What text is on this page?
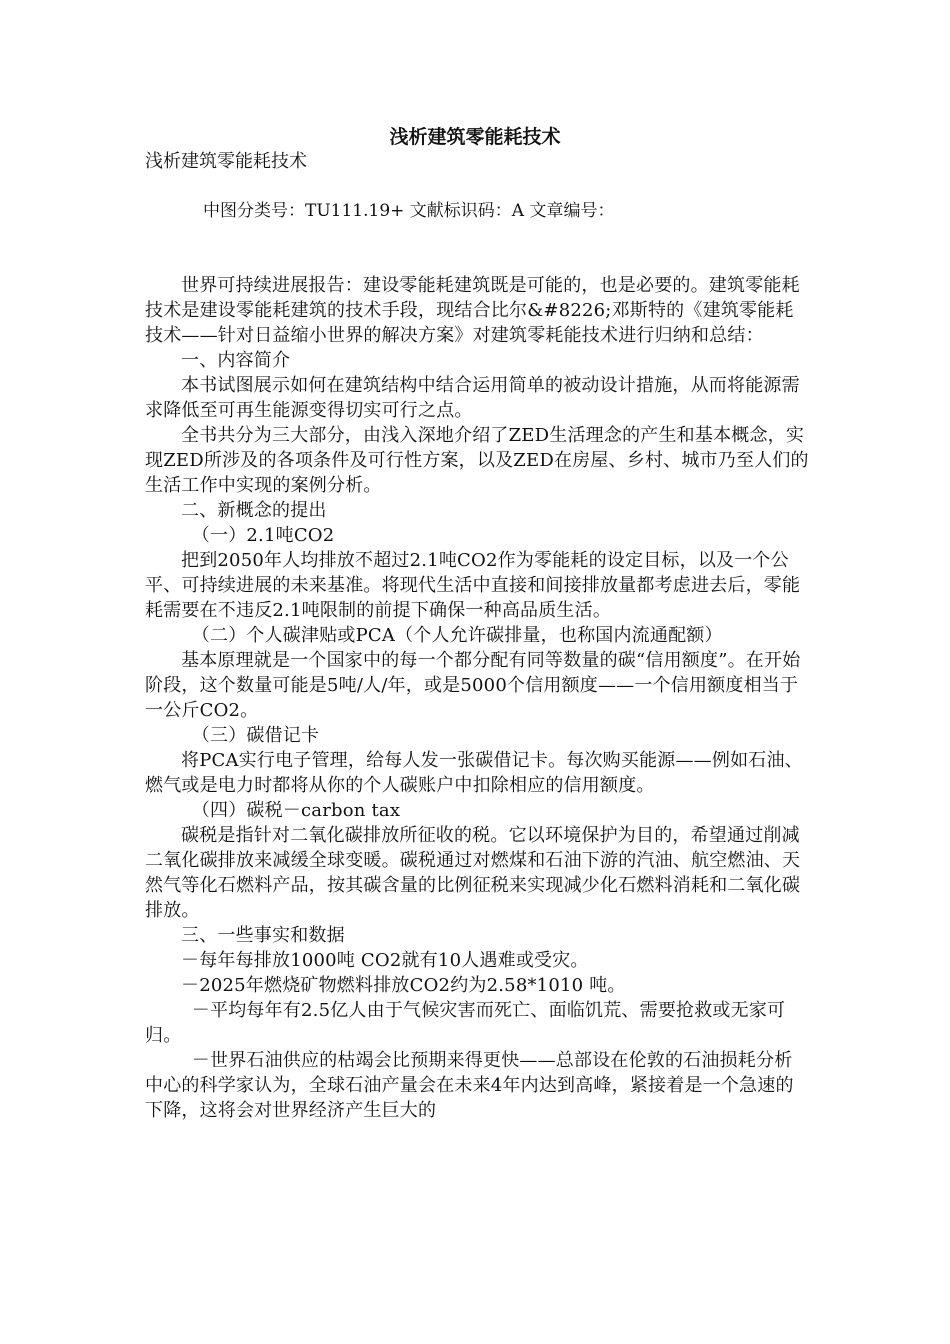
浅析建筑零能耗技术
浅析建筑零能耗技术
中图分类号：TU111.19+ 文献标识码：A 文章编号：

世界可持续进展报告：建设零能耗建筑既是可能的，也是必要的。建筑零能耗技术是建设零能耗建筑的技术手段，现结合比尔&#8226;邓斯特的《建筑零能耗技术——针对日益缩小世界的解决方案》对建筑零耗能技术进行归纳和总结：

一、内容简介

本书试图展示如何在建筑结构中结合运用简单的被动设计措施，从而将能源需求降低至可再生能源变得切实可行之点。

全书共分为三大部分，由浅入深地介绍了ZED生活理念的产生和基本概念，实现ZED所涉及的各项条件及可行性方案，以及ZED在房屋、乡村、城市乃至人们的生活工作中实现的案例分析。

二、新概念的提出

（一）2.1吨CO2

把到2050年人均排放不超过2.1吨CO2作为零能耗的设定目标，以及一个公平、可持续进展的未来基准。将现代生活中直接和间接排放量都考虑进去后，零能耗需要在不违反2.1吨限制的前提下确保一种高品质生活。

（二）个人碳津贴或PCA（个人允许碳排量，也称国内流通配额）

基本原理就是一个国家中的每一个都分配有同等数量的碳“信用额度”。在开始阶段，这个数量可能是5吨/人/年，或是5000个信用额度——一个信用额度相当于一公斤CO2。

（三）碳借记卡

将PCA实行电子管理，给每人发一张碳借记卡。每次购买能源——例如石油、燃气或是电力时都将从你的个人碳账户中扣除相应的信用额度。

（四）碳税－carbon tax

碳税是指针对二氧化碳排放所征收的税。它以环境保护为目的，希望通过削减二氧化碳排放来减缓全球变暖。碳税通过对燃煤和石油下游的汽油、航空燃油、天然气等化石燃料产品，按其碳含量的比例征税来实现减少化石燃料消耗和二氧化碳排放。

三、一些事实和数据

－每年每排放1000吨 CO2就有10人遇难或受灾。

－2025年燃烧矿物燃料排放CO2约为2.58*1010 吨。

－平均每年有2.5亿人由于气候灾害而死亡、面临饥荒、需要抢救或无家可归。

－世界石油供应的枯竭会比预期来得更快——总部设在伦敦的石油损耗分析中心的科学家认为，全球石油产量会在未来4年内达到高峰，紧接着是一个急速的下降，这将会对世界经济产生巨大的
